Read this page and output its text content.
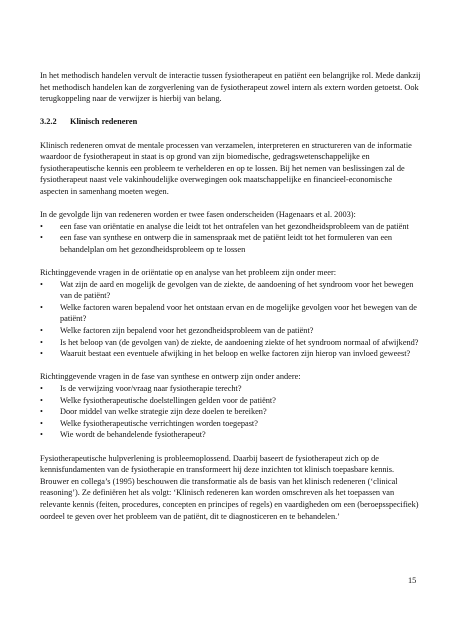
In het methodisch handelen vervult de interactie tussen fysiotherapeut en patiënt een belangrijke rol. Mede dankzij het methodisch handelen kan de zorgverlening van de fysiotherapeut zowel intern als extern worden getoetst. Ook terugkoppeling naar de verwijzer is hierbij van belang.

3.2.2 Klinisch redeneren

Klinisch redeneren omvat de mentale processen van verzamelen, interpreteren en structureren van de informatie waardoor de fysiotherapeut in staat is op grond van zijn biomedische, gedragswetenschappelijke en fysiotherapeutische kennis een probleem te verhelderen en op te lossen. Bij het nemen van beslissingen zal de fysiotherapeut naast vele vakinhoudelijke overwegingen ook maatschappelijke en financieel-economische aspecten in samenhang moeten wegen.

In de gevolgde lijn van redeneren worden er twee fasen onderscheiden (Hagenaars et al. 2003):

• een fase van oriëntatie en analyse die leidt tot het ontrafelen van het gezondheidsprobleem van de patiënt
• een fase van synthese en ontwerp die in samenspraak met de patiënt leidt tot het formuleren van een behandelplan om het gezondheidsprobleem op te lossen

Richtinggevende vragen in de oriëntatie op en analyse van het probleem zijn onder meer:

• Wat zijn de aard en mogelijk de gevolgen van de ziekte, de aandoening of het syndroom voor het bewegen van de patiënt?
• Welke factoren waren bepalend voor het ontstaan ervan en de mogelijke gevolgen voor het bewegen van de patiënt?
• Welke factoren zijn bepalend voor het gezondheidsprobleem van de patiënt?
• Is het beloop van (de gevolgen van) de ziekte, de aandoening ziekte of het syndroom normaal of afwijkend?
• Waaruit bestaat een eventuele afwijking in het beloop en welke factoren zijn hierop van invloed geweest?

Richtinggevende vragen in de fase van synthese en ontwerp zijn onder andere:

• Is de verwijzing voor/vraag naar fysiotherapie terecht?
• Welke fysiotherapeutische doelstellingen gelden voor de patiënt?
• Door middel van welke strategie zijn deze doelen te bereiken?
• Welke fysiotherapeutische verrichtingen worden toegepast?
• Wie wordt de behandelende fysiotherapeut?

Fysiotherapeutische hulpverlening is probleemoplossend. Daarbij baseert de fysiotherapeut zich op de kennisfundamenten van de fysiotherapie en transformeert hij deze inzichten tot klinisch toepasbare kennis. Brouwer en collega’s (1995) beschouwen die transformatie als de basis van het klinisch redeneren (‘clinical reasoning’). Ze definiëren het als volgt: ‘Klinisch redeneren kan worden omschreven als het toepassen van relevante kennis (feiten, procedures, concepten en principes of regels) en vaardigheden om een (beroepsspecifiek) oordeel te geven over het probleem van de patiënt, dit te diagnosticeren en te behandelen.’

15
